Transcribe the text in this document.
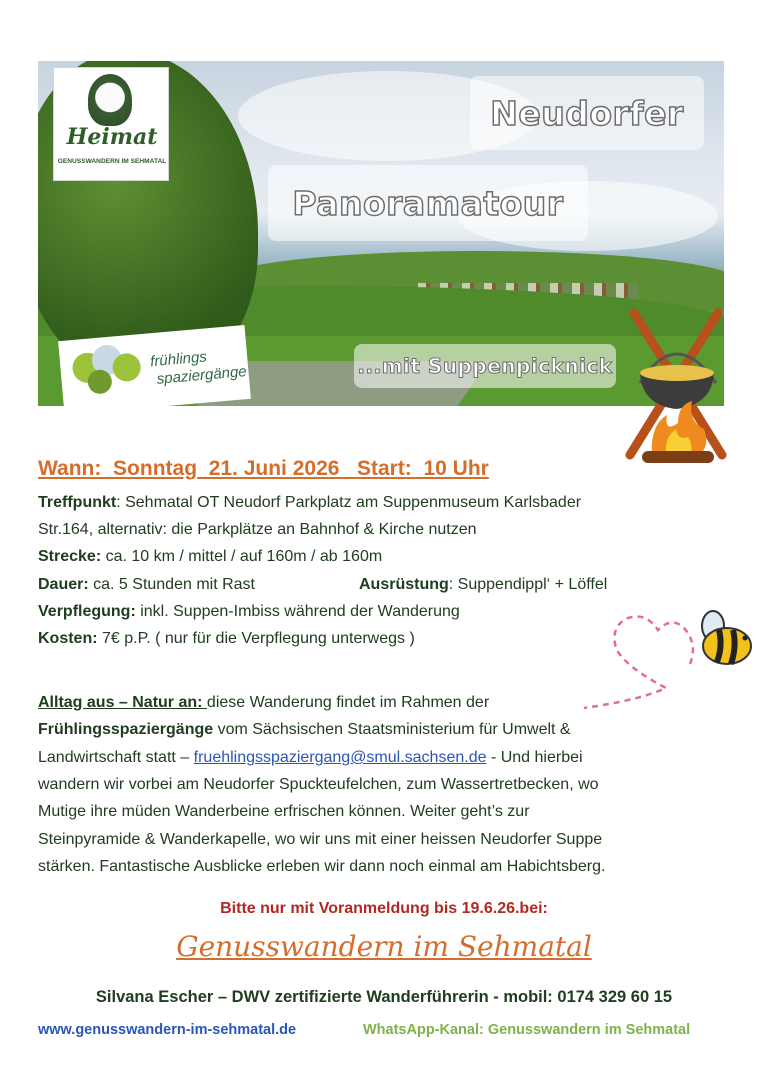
Neudorfer
Panoramatour
...mit Suppenpicknick
Heimat
GENUSSWANDERN IM SEHMATAL
frühlings
spaziergänge
Wann:  Sonntag  21. Juni 2026   Start:  10 Uhr
Treffpunkt: Sehmatal OT Neudorf Parkplatz am Suppenmuseum Karlsbader
Str.164, alternativ: die Parkplätze an Bahnhof & Kirche nutzen
Strecke: ca. 10 km / mittel / auf 160m / ab 160m
Dauer: ca. 5 Stunden mit Rast	Ausrüstung: Suppendippl‘ + Löffel
Verpflegung: inkl. Suppen-Imbiss während der Wanderung
Kosten: 7€ p.P. ( nur für die Verpflegung unterwegs )
Alltag aus – Natur an: diese Wanderung findet im Rahmen der
Frühlingsspaziergänge vom Sächsischen Staatsministerium für Umwelt &
Landwirtschaft statt – fruehlingsspaziergang@smul.sachsen.de - Und hierbei
wandern wir vorbei am Neudorfer Spuckteufelchen, zum Wassertretbecken, wo
Mutige ihre müden Wanderbeine erfrischen können. Weiter geht’s zur
Steinpyramide & Wanderkapelle, wo wir uns mit einer heissen Neudorfer Suppe
stärken. Fantastische Ausblicke erleben wir dann noch einmal am Habichtsberg.
Bitte nur mit Voranmeldung bis 19.6.26.bei:
Genusswandern im Sehmatal
Silvana Escher – DWV zertifizierte Wanderführerin - mobil: 0174 329 60 15
www.genusswandern-im-sehmatal.de	WhatsApp-Kanal: Genusswandern im Sehmatal
